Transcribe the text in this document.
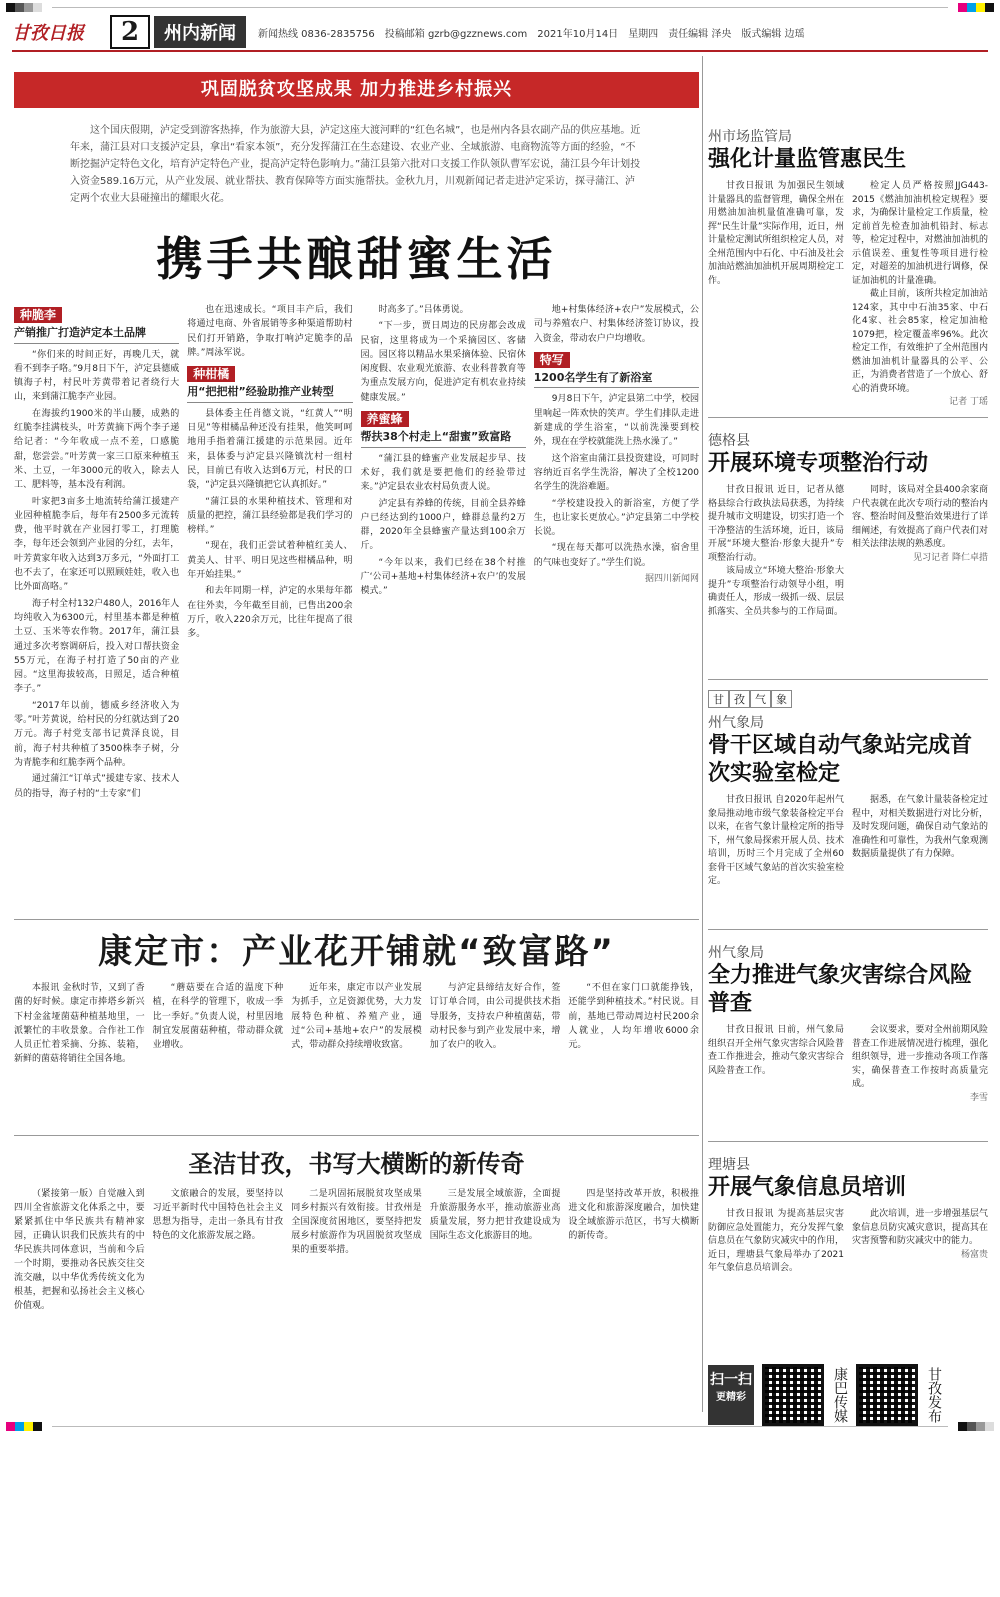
甘孜日报	2	州内新闻	新闻热线 0836-2835756 投稿邮箱 gzrb@gzznews.com 2021年10月14日 星期四 责任编辑 泽央 版式编辑 边瑶
巩固脱贫攻坚成果 加力推进乡村振兴
这个国庆假期，泸定受到游客热捧，作为旅游大县，泸定这座大渡河畔的“红色名城”，也是州内各县农副产品的供应基地。近年来，蒲江县对口支援泸定县，拿出“看家本领”，充分发挥蒲江在生态建设、农业产业、全域旅游、电商物流等方面的经验，“不断挖掘泸定特色文化，培育泸定特色产业，提高泸定特色影响力。”蒲江县第六批对口支援工作队领队曹军宏说，蒲江县今年计划投入资金589.16万元，从产业发展、就业帮扶、教育保障等方面实施帮扶。金秋九月，川观新闻记者走进泸定采访，探寻蒲江、泸定两个农业大县碰撞出的耀眼火花。
携手共酿甜蜜生活
种脆李
产销推广打造泸定本土品牌

“你们来的时间正好，再晚几天，就看不到李子咯。”9月8日下午，泸定县德威镇海子村，村民叶芳黄带着记者绕行大山，来到蒲江脆李产业园。

在海拔约1900米的半山腰，成熟的红脆李挂满枝头，叶芳黄摘下两个李子递给记者：“今年收成一点不差，口感脆甜，您尝尝。”叶芳黄一家三口原来种植玉米、土豆，一年3000元的收入，除去人工、肥料等，基本没有利润。

叶家把3亩多土地流转给蒲江援建产业园种植脆李后，每年有2500多元流转费，他平时就在产业园打零工，打理脆李，每年还会领到产业园的分红，去年，叶芳黄家年收入达到3万多元，“外面打工也不去了，在家还可以照顾娃娃，收入也比外面高咯。”

海子村全村132户480人，2016年人均纯收入为6300元，村里基本都是种植土豆、玉米等农作物。2017年，蒲江县通过多次考察调研后，投入对口帮扶资金55万元，在海子村打造了50亩的产业园。“这里海拔较高，日照足，适合种植李子。”

“2017年以前，德威乡经济收入为零。”叶芳黄说，给村民的分红就达到了20万元。海子村党支部书记黄泽良说，目前，海子村共种植了3500株李子树，分为青脆李和红脆李两个品种。

通过蒲江“订单式”援建专家、技术人员的指导，海子村的“土专家”们

也在迅速成长。“项目丰产后，我们将通过电商、外省展销等多种渠道帮助村民们打开销路，争取打响泸定脆李的品牌。”周泳军说。

种柑橘
用“把把柑”经验助推产业转型

县体委主任肖德文说，“红黄人”“明日见”等柑橘品种还没有挂果，他笑呵呵地用手指着蒲江援建的示范果园。近年来，县体委与泸定县兴隆镇沈村一组村民，目前已有收入达到6万元，村民的口袋，“泸定县兴隆镇把它认真抓好。”

“蒲江县的水果种植技术、管理和对质量的把控，蒲江县经验都是我们学习的榜样。”

“现在，我们正尝试着种植红美人、黄美人、甘平、明日见这些柑橘品种，明年开始挂果。”

和去年同期一样，泸定的水果每年都在往外卖，今年截至目前，已售出200余万斤，收入220余万元，比往年提高了很多。

时高多了。”吕体勇说。

“下一步，贾日周边的民房都会改成民宿，这里将成为一个采摘园区、客储园。园区将以精品水果采摘体验、民宿休闲度假、农业观光旅游、农业科普教育等为重点发展方向，促进泸定有机农业持续健康发展。”

养蜜蜂
帮扶38个村走上“甜蜜”致富路

“蒲江县的蜂蜜产业发展起步早、技术好，我们就是要把他们的经验带过来。”泸定县农业农村局负责人说。

泸定县有养蜂的传统，目前全县养蜂户已经达到约1000户，蜂群总量约2万群，2020年全县蜂蜜产量达到100余万斤。

“今年以来，我们已经在38个村推广‘公司+基地+村集体经济+农户’的发展模式。”

地+村集体经济+农户”发展模式，公司与养殖农户、村集体经济签订协议，投入资金，带动农户户均增收。

特写
1200名学生有了新浴室

9月8日下午，泸定县第二中学，校园里响起一阵欢快的笑声。学生们排队走进新建成的学生浴室，“以前洗澡要到校外，现在在学校就能洗上热水澡了。”

这个浴室由蒲江县投资建设，可同时容纳近百名学生洗浴，解决了全校1200名学生的洗浴难题。

“学校建设投入的新浴室，方便了学生，也让家长更放心。”泸定县第二中学校长说。

“现在每天都可以洗热水澡，宿舍里的气味也变好了。”学生们说。

据四川新闻网
康定市：产业花开铺就“致富路”

本报讯 金秋时节，又到了香菌的好时候。康定市捧塔乡新兴下村金盆垭菌菇种植基地里，一派繁忙的丰收景象。合作社工作人员正忙着采摘、分拣、装箱，新鲜的菌菇将销往全国各地。

“蘑菇要在合适的温度下种植，在科学的管理下，收成一季比一季好。”负责人说，村里因地制宜发展菌菇种植，带动群众就业增收。

近年来，康定市以产业发展为抓手，立足资源优势，大力发展特色种植、养殖产业，通过“公司+基地+农户”的发展模式，带动群众持续增收致富。

与泸定县缔结友好合作，签订订单合同，由公司提供技术指导服务，支持农户种植菌菇，带动村民参与到产业发展中来，增加了农户的收入。

“不但在家门口就能挣钱，还能学到种植技术。”村民说。目前，基地已带动周边村民200余人就业，人均年增收6000余元。

圣洁甘孜，书写大横断的新传奇

（紧接第一版）自觉融入到四川全省旅游文化体系之中，要紧紧抓住中华民族共有精神家园，正确认识我们民族共有的中华民族共同体意识，当前和今后一个时期，要推动各民族交往交流交融，以中华优秀传统文化为根基，把握和弘扬社会主义核心价值观。

文旅融合的发展，要坚持以习近平新时代中国特色社会主义思想为指导，走出一条具有甘孜特色的文化旅游发展之路。

二是巩固拓展脱贫攻坚成果同乡村振兴有效衔接。甘孜州是全国深度贫困地区，要坚持把发展乡村旅游作为巩固脱贫攻坚成果的重要举措。

三是发展全域旅游，全面提升旅游服务水平，推动旅游业高质量发展，努力把甘孜建设成为国际生态文化旅游目的地。

四是坚持改革开放，积极推进文化和旅游深度融合，加快建设全域旅游示范区，书写大横断的新传奇。

州市场监管局
强化计量监管惠民生

甘孜日报讯 为加强民生领域计量器具的监督管理，确保全州在用燃油加油机量值准确可靠，发挥“民生计量”实际作用，近日，州计量检定测试所组织检定人员，对全州范围内中石化、中石油及社会加油站燃油加油机开展周期检定工作。

检定人员严格按照JJG443-2015《燃油加油机检定规程》要求，为确保计量检定工作质量，检定前首先检查加油机铅封、标志等，检定过程中，对燃油加油机的示值误差、重复性等项目进行检定，对超差的加油机进行调修，保证加油机的计量准确。

截止目前，该所共检定加油站124家，其中中石油35家、中石化4家、社会85家，检定加油枪1079把，检定覆盖率96%。此次检定工作，有效维护了全州范围内燃油加油机计量器具的公平、公正，为消费者营造了一个放心、舒心的消费环境。

记者 丁瑶
德格县
开展环境专项整治行动

甘孜日报讯 近日，记者从德格县综合行政执法局获悉，为持续提升城市文明建设，切实打造一个干净整洁的生活环境，近日，该局开展“环境大整治·形象大提升”专项整治行动。

该局成立“环境大整治·形象大提升”专项整治行动领导小组，明确责任人，形成一级抓一级、层层抓落实、全员共参与的工作局面。

同时，该局对全县400余家商户代表就在此次专项行动的整治内容、整治时间及整治效果进行了详细阐述，有效提高了商户代表们对相关法律法规的熟悉度。

见习记者 降仁卓措
甘 孜 气 象
州气象局
骨干区域自动气象站完成首次实验室检定

甘孜日报讯 自2020年起州气象局推动地市级气象装备检定平台以来，在省气象计量检定所的指导下，州气象局探索开展人员、技术培训，历时三个月完成了全州60套骨干区域气象站的首次实验室检定。

据悉，在气象计量装备检定过程中，对相关数据进行对比分析，及时发现问题，确保自动气象站的准确性和可靠性，为我州气象观测数据质量提供了有力保障。

州气象局
全力推进气象灾害综合风险普查

甘孜日报讯 日前，州气象局组织召开全州气象灾害综合风险普查工作推进会，推动气象灾害综合风险普查工作。

会议要求，要对全州前期风险普查工作进展情况进行梳理，强化组织领导，进一步推动各项工作落实，确保普查工作按时高质量完成。

李雪
理塘县
开展气象信息员培训

甘孜日报讯 为提高基层灾害防御应急处置能力，充分发挥气象信息员在气象防灾减灾中的作用，近日，理塘县气象局举办了2021年气象信息员培训会。

此次培训，进一步增强基层气象信息员防灾减灾意识，提高其在灾害预警和防灾减灾中的能力。

杨富贵
扫一扫
更精彩	康巴传媒	甘孜发布
